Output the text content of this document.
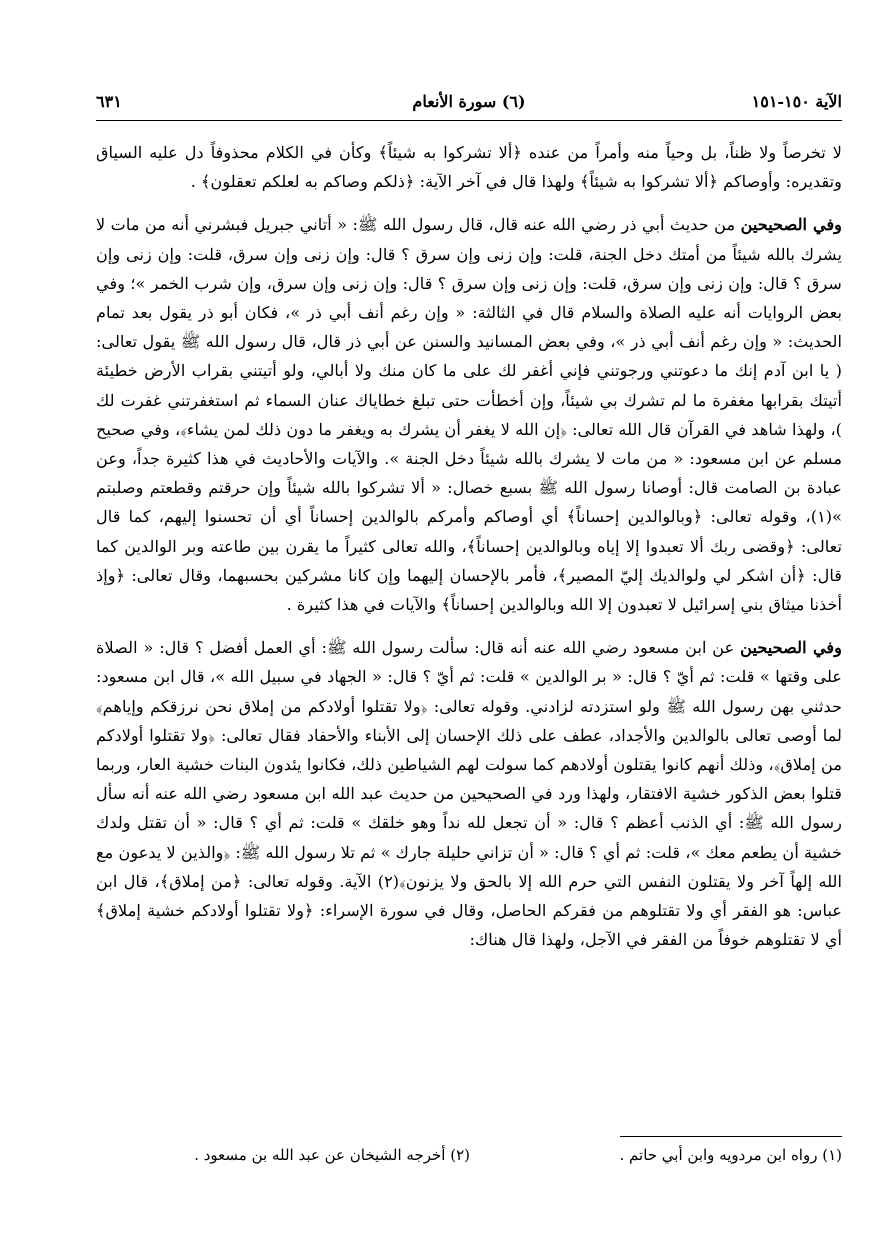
الآية ١٥٠-١٥١
(٦) سورة الأنعام
٦٣١

لا تخرصاً ولا ظناً، بل وحياً منه وأمراً من عنده ﴿ألا تشركوا به شيئاً﴾ وكأن في الكلام محذوفاً دل عليه السياق وتقديره: وأوصاكم ﴿ألا تشركوا به شيئاً﴾ ولهذا قال في آخر الآية: ﴿ذلكم وصاكم به لعلكم تعقلون﴾ .

وفي الصحيحين من حديث أبي ذر رضي الله عنه قال، قال رسول الله ﷺ: « أتاني جبريل فبشرني أنه من مات لا يشرك بالله شيئاً من أمتك دخل الجنة، قلت: وإن زنى وإن سرق ؟ قال: وإن زنى وإن سرق، قلت: وإن زنى وإن سرق ؟ قال: وإن زنى وإن سرق، قلت: وإن زنى وإن سرق ؟ قال: وإن زنى وإن سرق، وإن شرب الخمر »؛ وفي بعض الروايات أنه عليه الصلاة والسلام قال في الثالثة: « وإن رغم أنف أبي ذر »، فكان أبو ذر يقول بعد تمام الحديث: « وإن رغم أنف أبي ذر »، وفي بعض المسانيد والسنن عن أبي ذر قال، قال رسول الله ﷺ يقول تعالى: ( يا ابن آدم إنك ما دعوتني ورجوتني فإني أغفر لك على ما كان منك ولا أبالي، ولو أتيتني بقراب الأرض خطيئة أتيتك بقرابها مغفرة ما لم تشرك بي شيئاً، وإن أخطأت حتى تبلغ خطاياك عنان السماء ثم استغفرتني غفرت لك )، ولهذا شاهد في القرآن قال الله تعالى: ﴿إن الله لا يغفر أن يشرك به ويغفر ما دون ذلك لمن يشاء﴾، وفي صحيح مسلم عن ابن مسعود: « من مات لا يشرك بالله شيئاً دخل الجنة ». والآيات والأحاديث في هذا كثيرة جداً، وعن عبادة بن الصامت قال: أوصانا رسول الله ﷺ بسبع خصال: « ألا تشركوا بالله شيئاً وإن حرقتم وقطعتم وصلبتم »(١)، وقوله تعالى: ﴿وبالوالدين إحساناً﴾ أي أوصاكم وأمركم بالوالدين إحساناً أي أن تحسنوا إليهم، كما قال تعالى: ﴿وقضى ربك ألا تعبدوا إلا إياه وبالوالدين إحساناً﴾، والله تعالى كثيراً ما يقرن بين طاعته وبر الوالدين كما قال: ﴿أن اشكر لي ولوالديك إليّ المصير﴾، فأمر بالإحسان إليهما وإن كانا مشركين بحسبهما، وقال تعالى: ﴿وإذ أخذنا ميثاق بني إسرائيل لا تعبدون إلا الله وبالوالدين إحساناً﴾ والآيات في هذا كثيرة .

وفي الصحيحين عن ابن مسعود رضي الله عنه أنه قال: سألت رسول الله ﷺ: أي العمل أفضل ؟ قال: « الصلاة على وقتها » قلت: ثم أيّ ؟ قال: « بر الوالدين » قلت: ثم أيّ ؟ قال: « الجهاد في سبيل الله »، قال ابن مسعود: حدثني بهن رسول الله ﷺ ولو استزدته لزادني. وقوله تعالى: ﴿ولا تقتلوا أولادكم من إملاق نحن نرزقكم وإياهم﴾ لما أوصى تعالى بالوالدين والأجداد، عطف على ذلك الإحسان إلى الأبناء والأحفاد فقال تعالى: ﴿ولا تقتلوا أولادكم من إملاق﴾، وذلك أنهم كانوا يقتلون أولادهم كما سولت لهم الشياطين ذلك، فكانوا يئدون البنات خشية العار، وربما قتلوا بعض الذكور خشية الافتقار، ولهذا ورد في الصحيحين من حديث عبد الله ابن مسعود رضي الله عنه أنه سأل رسول الله ﷺ: أي الذنب أعظم ؟ قال: « أن تجعل لله نداً وهو خلقك » قلت: ثم أي ؟ قال: « أن تقتل ولدك خشية أن يطعم معك »، قلت: ثم أي ؟ قال: « أن تزاني حليلة جارك » ثم تلا رسول الله ﷺ: ﴿والذين لا يدعون مع الله إلهاً آخر ولا يقتلون النفس التي حرم الله إلا بالحق ولا يزنون﴾(٢) الآية. وقوله تعالى: ﴿من إملاق﴾، قال ابن عباس: هو الفقر أي ولا تقتلوهم من فقركم الحاصل، وقال في سورة الإسراء: ﴿ولا تقتلوا أولادكم خشية إملاق﴾ أي لا تقتلوهم خوفاً من الفقر في الآجل، ولهذا قال هناك:

(١) رواه ابن مردويه وابن أبي حاتم .
(٢) أخرجه الشيخان عن عبد الله بن مسعود .
